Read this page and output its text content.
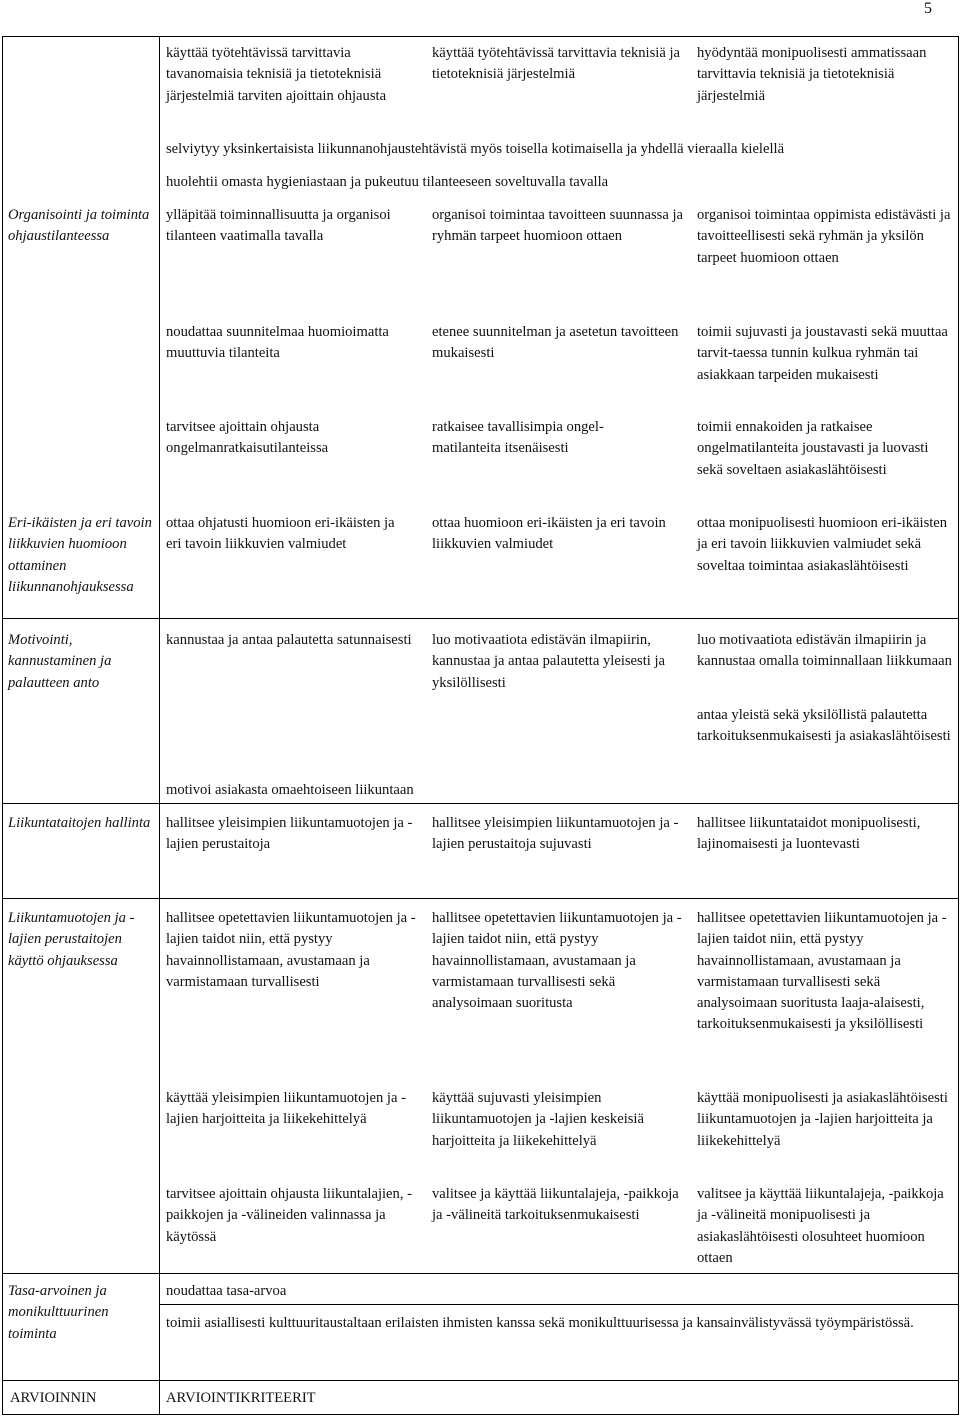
5
käyttää työtehtävissä tarvittavia tavanomaisia teknisiä ja tietoteknisiä järjestelmiä tarviten ajoittain ohjausta
käyttää työtehtävissä tarvittavia teknisiä ja tietoteknisiä järjestelmiä
hyödyntää monipuolisesti ammatissaan tarvittavia teknisiä ja tietoteknisiä järjestelmiä
selviytyy yksinkertaisista liikunnanohjaustehtävistä myös toisella kotimaisella ja yhdellä vieraalla kielellä
huolehtii omasta hygieniastaan ja pukeutuu tilanteeseen soveltuvalla tavalla
Organisointi ja toiminta ohjaustilanteessa
ylläpitää toiminnallisuutta ja organisoi tilanteen vaatimalla tavalla
organisoi toimintaa tavoitteen suunnassa ja ryhmän tarpeet huomioon ottaen
organisoi toimintaa oppimista edistävästi ja tavoitteellisesti sekä ryhmän ja yksilön tarpeet huomioon ottaen
noudattaa suunnitelmaa huomioimatta muuttuvia tilanteita
etenee suunnitelman ja asetetun tavoitteen mukaisesti
toimii sujuvasti ja joustavasti sekä muuttaa tarvit-taessa tunnin kulkua ryhmän tai asiakkaan tarpeiden mukaisesti
tarvitsee ajoittain ohjausta ongelmanratkaisutilanteissa
ratkaisee tavallisimpia ongel-matilanteita itsenäisesti
toimii ennakoiden ja ratkaisee ongelmatilanteita joustavasti ja luovasti sekä soveltaen asiakaslähtöisesti
Eri-ikäisten ja eri tavoin liikkuvien huomioon ottaminen liikunnanohjauksessa
ottaa ohjatusti huomioon eri-ikäisten ja eri tavoin liikkuvien valmiudet
ottaa huomioon eri-ikäisten ja eri tavoin liikkuvien valmiudet
ottaa monipuolisesti huomioon eri-ikäisten ja eri tavoin liikkuvien valmiudet sekä soveltaa toimintaa asiakaslähtöisesti
Motivointi, kannustaminen ja palautteen anto
kannustaa ja antaa palautetta satunnaisesti	luo motivaatiota edistävän ilmapiirin, kannustaa ja antaa palautetta yleisesti ja yksilöllisesti
luo motivaatiota edistävän ilmapiirin ja kannustaa omalla toiminnallaan liikkumaan
antaa yleistä sekä yksilöllistä palautetta tarkoituksenmukaisesti ja asiakaslähtöisesti
motivoi asiakasta omaehtoiseen liikuntaan
Liikuntataitojen hallinta hallitsee yleisimpien liikuntamuotojen ja -lajien perustaitoja
hallitsee yleisimpien liikuntamuotojen ja -lajien perustaitoja sujuvasti
hallitsee liikuntataidot monipuolisesti, lajinomaisesti ja luontevasti
Liikuntamuotojen ja -lajien perustaitojen käyttö ohjauksessa
hallitsee opetettavien liikuntamuotojen ja -lajien taidot niin, että pystyy havainnollistamaan, avustamaan ja varmistamaan turvallisesti
hallitsee opetettavien liikuntamuotojen ja -lajien taidot niin, että pystyy havainnollistamaan, avustamaan ja varmistamaan turvallisesti sekä analysoimaan suoritusta
hallitsee opetettavien liikuntamuotojen ja -lajien taidot niin, että pystyy havainnollistamaan, avustamaan ja varmistamaan turvallisesti sekä analysoimaan suoritusta laaja-alaisesti, tarkoituksenmukaisesti ja yksilöllisesti
käyttää yleisimpien liikuntamuotojen ja -lajien harjoitteita ja liikekehittelyä
käyttää sujuvasti yleisimpien liikuntamuotojen ja -lajien keskeisiä harjoitteita ja liikekehittelyä
käyttää monipuolisesti ja asiakaslähtöisesti liikuntamuotojen ja -lajien harjoitteita ja liikekehittelyä
tarvitsee ajoittain ohjausta liikuntalajien, -paikkojen ja -välineiden valinnassa ja käytössä
valitsee ja käyttää liikuntalajeja, -paikkoja ja -välineitä tarkoituksenmukaisesti
valitsee ja käyttää liikuntalajeja, -paikkoja ja -välineitä monipuolisesti ja asiakaslähtöisesti olosuhteet huomioon ottaen
Tasa-arvoinen ja monikulttuurinen toiminta
noudattaa tasa-arvoa
toimii asiallisesti kulttuuritaustaltaan erilaisten ihmisten kanssa sekä monikulttuurisessa ja kansainvälistyvässä työympäristössä.
ARVIOINNIN	ARVIOINTIKRITEERIT
